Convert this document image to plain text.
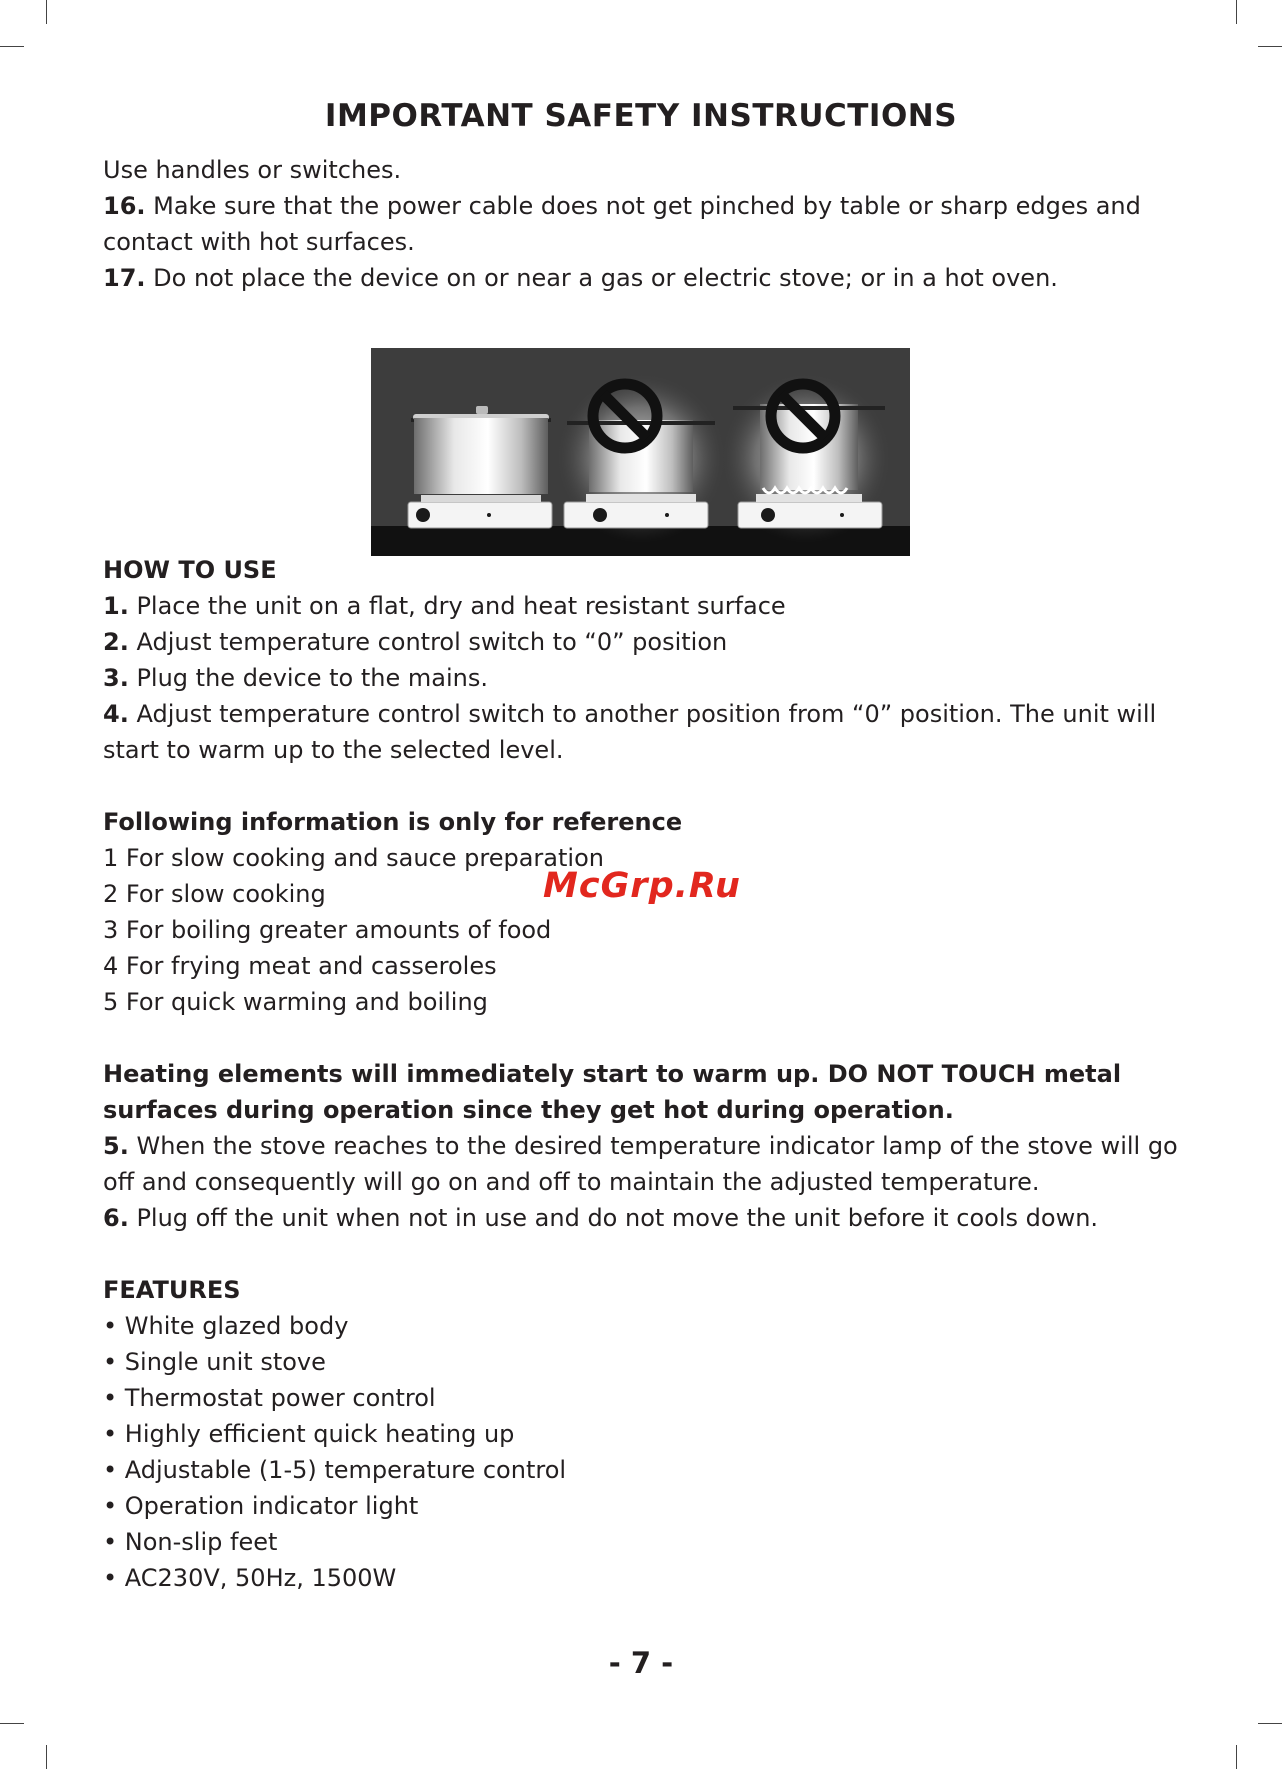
IMPORTANT SAFETY INSTRUCTIONS

Use handles or switches.

16. Make sure that the power cable does not get pinched by table or sharp edges and contact with hot surfaces.

17. Do not place the device on or near a gas or electric stove; or in a hot oven.

HOW TO USE

1. Place the unit on a flat, dry and heat resistant surface

2. Adjust temperature control switch to “0” position

3. Plug the device to the mains.

4. Adjust temperature control switch to another position from “0” position. The unit will start to warm up to the selected level.

Following information is only for reference

1 For slow cooking and sauce preparation

2 For slow cooking

3 For boiling greater amounts of food

4 For frying meat and casseroles

5 For quick warming and boiling

Heating elements will immediately start to warm up. DO NOT TOUCH metal surfaces during operation since they get hot during operation.

5. When the stove reaches to the desired temperature indicator lamp of the stove will go off and consequently will go on and off to maintain the adjusted temperature.

6. Plug off the unit when not in use and do not move the unit before it cools down.

FEATURES

• White glazed body

• Single unit stove

• Thermostat power control

• Highly efficient quick heating up

• Adjustable (1-5) temperature control

• Operation indicator light

• Non-slip feet

• AC230V, 50Hz, 1500W

McGrp.Ru

- 7 -
